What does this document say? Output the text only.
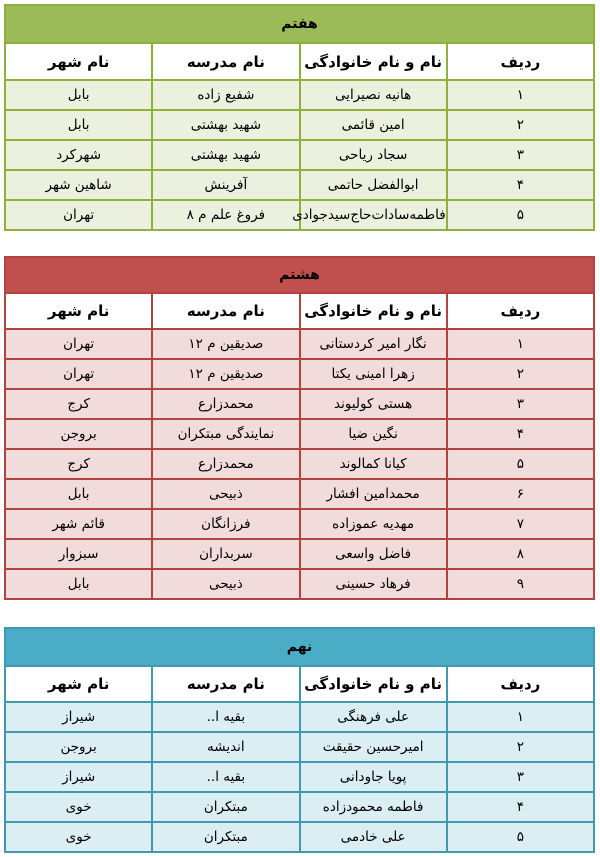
هفتم			
ردیف	نام و نام خانوادگی	نام مدرسه	نام شهر
۱	هانیه نصیرایی	شفیع زاده	بابل
۲	امین قائمی	شهید بهشتی	بابل
۳	سجاد ریاحی	شهید بهشتی	شهرکرد
۴	ابوالفضل حاتمی	آفرینش	شاهین شهر
۵	فاطمه‌سادات‌حاج‌سیدجوادی	فروغ علم م ۸	تهران
هشتم			
ردیف	نام و نام خانوادگی	نام مدرسه	نام شهر
۱	نگار امیر کردستانی	صدیقین م ۱۲	تهران
۲	زهرا امینی یکتا	صدیقین م ۱۲	تهران
۳	هستی کولیوند	محمدزارع	کرج
۴	نگین ضیا	نمایندگی مبتکران	بروجن
۵	کیانا کمالوند	محمدزارع	کرج
۶	محمدامین افشار	ذبیحی	بابل
۷	مهدیه عموزاده	فرزانگان	قائم شهر
۸	فاضل واسعی	سربداران	سبزوار
۹	فرهاد حسینی	ذبیحی	بابل
نهم			
ردیف	نام و نام خانوادگی	نام مدرسه	نام شهر
۱	علی فرهنگی	بقیه ا..	شیراز
۲	امیرحسین حقیقت	اندیشه	بروجن
۳	پویا جاودانی	بقیه ا..	شیراز
۴	فاطمه محمودزاده	مبتکران	خوی
۵	علی خادمی	مبتکران	خوی
